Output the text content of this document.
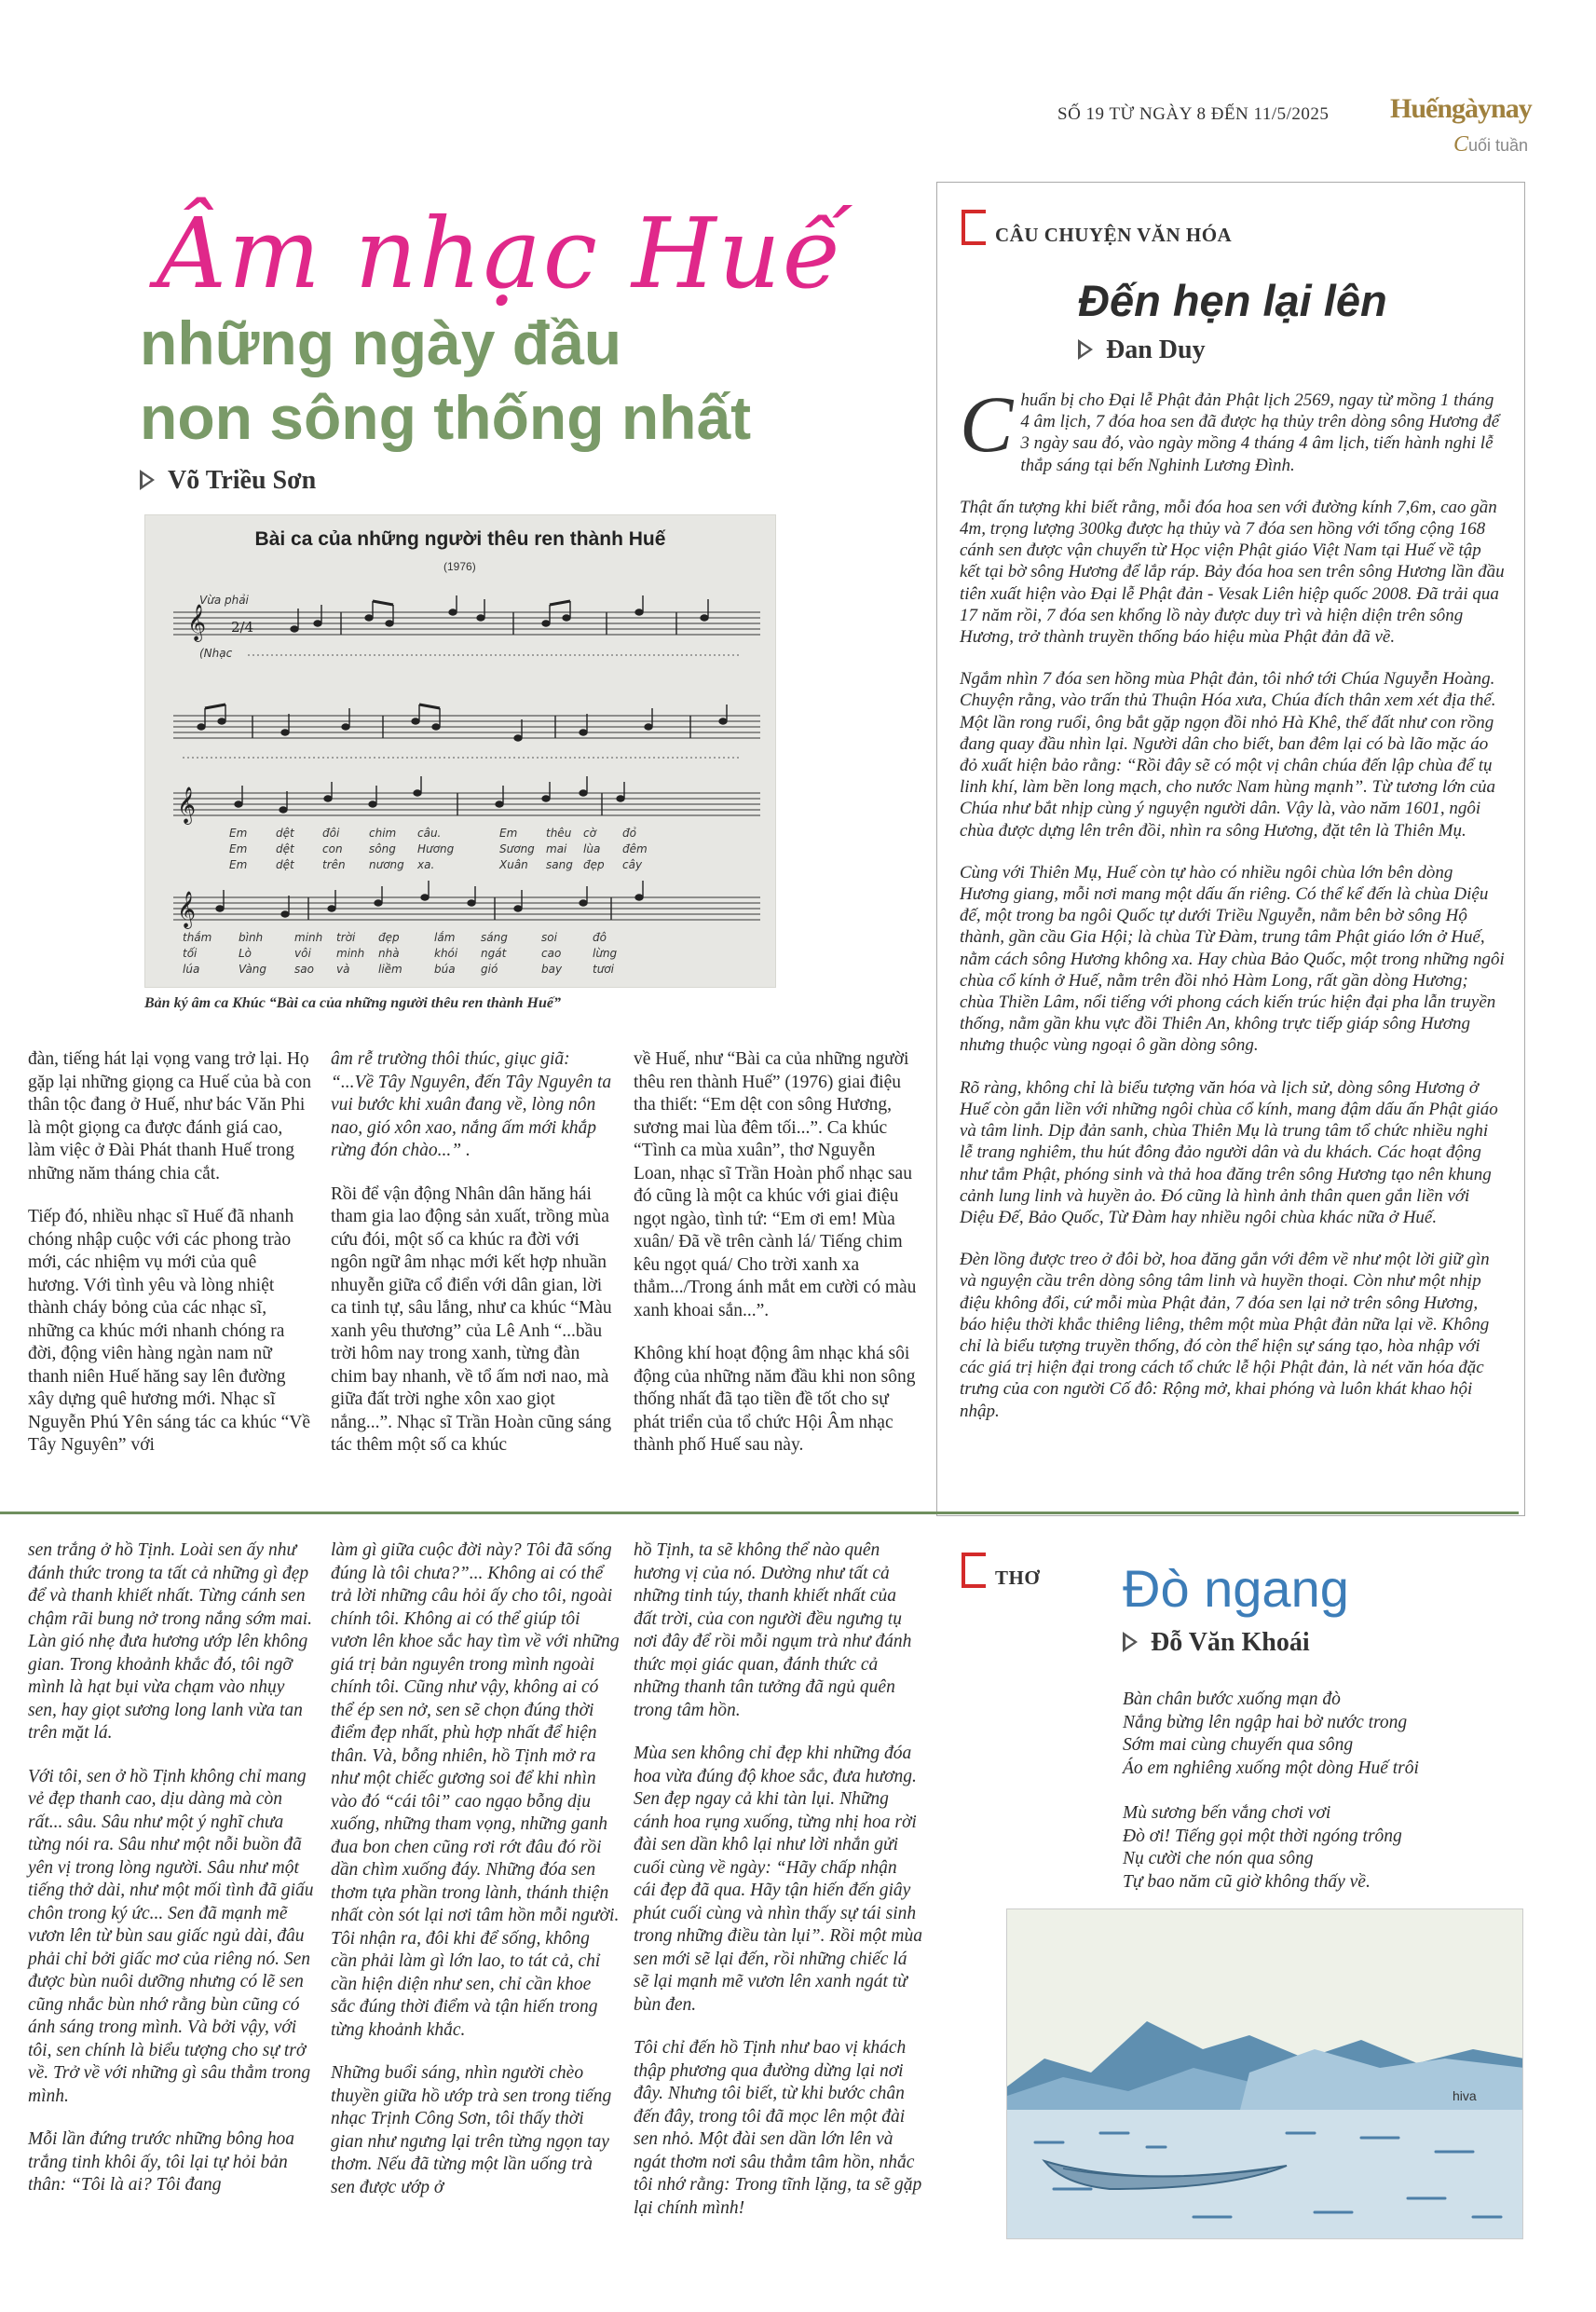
SỐ 19 TỪ NGÀY 8 ĐẾN 11/5/2025 Huếngàynay
Cuối tuần
Âm nhạc Huế
những ngày đầu
non sông thống nhất
Võ Triều Sơn
Bài ca của những người thêu ren thành Huế
(1976)
Vừa phải
𝄞 2/4
(Nhạc
𝄞
𝄞
Em	dệt	đôi	chim câu.	Em	thêu cờ đỏ
Em	dệt	con sông Hương	Sương mai lùa đêm
Em	dệt	trên nương xa.	Xuân sang đẹp cây
thắm bình	minh trời đẹp	lắm sáng	soi	đô
tối	Lò	vôi minh nhà	khói ngát	cao	lừng
lúa	Vàng sao và	liềm	búa gió	bay	tươi
Bản ký âm ca Khúc “Bài ca của những người thêu ren thành Huế”

đàn, tiếng hát lại vọng vang trở lại. Họ gặp lại những giọng ca Huế của bà con thân tộc đang ở Huế, như bác Văn Phi là một giọng ca được đánh giá cao, làm việc ở Đài Phát thanh Huế trong những năm tháng chia cắt.

Tiếp đó, nhiều nhạc sĩ Huế đã nhanh chóng nhập cuộc với các phong trào mới, các nhiệm vụ mới của quê hương. Với tình yêu và lòng nhiệt thành cháy bỏng của các nhạc sĩ, những ca khúc mới nhanh chóng ra đời, động viên hàng ngàn nam nữ thanh niên Huế hăng say lên đường xây dựng quê hương mới. Nhạc sĩ Nguyễn Phú Yên sáng tác ca khúc “Về Tây Nguyên” với

âm rễ trường thôi thúc, giục giã: “...Về Tây Nguyên, đến Tây Nguyên ta vui bước khi xuân đang về, lòng nôn nao, gió xôn xao, nắng ấm mới khắp rừng đón chào...” .

Rồi để vận động Nhân dân hăng hái tham gia lao động sản xuất, trồng mùa cứu đói, một số ca khúc ra đời với ngôn ngữ âm nhạc mới kết hợp nhuần nhuyễn giữa cổ điển với dân gian, lời ca tinh tự, sâu lắng, như ca khúc “Màu xanh yêu thương” của Lê Anh “...bầu trời hôm nay trong xanh, từng đàn chim bay nhanh, về tổ ấm nơi nao, mà giữa đất trời nghe xôn xao giọt nắng...”. Nhạc sĩ Trần Hoàn cũng sáng tác thêm một số ca khúc

về Huế, như “Bài ca của những người thêu ren thành Huế” (1976) giai điệu tha thiết: “Em dệt con sông Hương, sương mai lùa đêm tối...”. Ca khúc “Tình ca mùa xuân”, thơ Nguyễn Loan, nhạc sĩ Trần Hoàn phổ nhạc sau đó cũng là một ca khúc với giai điệu ngọt ngào, tình tứ: “Em ơi em! Mùa xuân/ Đã về trên cành lá/ Tiếng chim kêu ngọt quá/ Cho trời xanh xa thẳm.../Trong ánh mắt em cười có màu xanh khoai sắn...”.

Không khí hoạt động âm nhạc khá sôi động của những năm đầu khi non sông thống nhất đã tạo tiền đề tốt cho sự phát triển của tổ chức Hội Âm nhạc thành phố Huế sau này.

CÂU CHUYỆN VĂN HÓA
Đến hẹn lại lên
Đan Duy

Chuẩn bị cho Đại lễ Phật đản Phật lịch 2569, ngay từ mồng 1 tháng 4 âm lịch, 7 đóa hoa sen đã được hạ thủy trên dòng sông Hương để 3 ngày sau đó, vào ngày mồng 4 tháng 4 âm lịch, tiến hành nghi lễ thắp sáng tại bến Nghinh Lương Đình.

Thật ấn tượng khi biết rằng, mỗi đóa hoa sen với đường kính 7,6m, cao gần 4m, trọng lượng 300kg được hạ thủy và 7 đóa sen hồng với tổng cộng 168 cánh sen được vận chuyển từ Học viện Phật giáo Việt Nam tại Huế về tập kết tại bờ sông Hương để lắp ráp. Bảy đóa hoa sen trên sông Hương lần đầu tiên xuất hiện vào Đại lễ Phật đản - Vesak Liên hiệp quốc 2008. Đã trải qua 17 năm rồi, 7 đóa sen khổng lồ này được duy trì và hiện diện trên sông Hương, trở thành truyền thống báo hiệu mùa Phật đản đã về.

Ngắm nhìn 7 đóa sen hồng mùa Phật đản, tôi nhớ tới Chúa Nguyễn Hoàng. Chuyện rằng, vào trấn thủ Thuận Hóa xưa, Chúa đích thân xem xét địa thế. Một lần rong ruổi, ông bắt gặp ngọn đồi nhỏ Hà Khê, thế đất như con rồng đang quay đầu nhìn lại. Người dân cho biết, ban đêm lại có bà lão mặc áo đỏ xuất hiện bảo rằng: “Rồi đây sẽ có một vị chân chúa đến lập chùa để tụ linh khí, làm bền long mạch, cho nước Nam hùng mạnh”. Từ tương lớn của Chúa như bắt nhịp cùng ý nguyện người dân. Vậy là, vào năm 1601, ngôi chùa được dựng lên trên đồi, nhìn ra sông Hương, đặt tên là Thiên Mụ.

Cùng với Thiên Mụ, Huế còn tự hào có nhiều ngôi chùa lớn bên dòng Hương giang, mỗi nơi mang một dấu ấn riêng. Có thể kể đến là chùa Diệu đế, một trong ba ngôi Quốc tự dưới Triều Nguyễn, nằm bên bờ sông Hộ thành, gần cầu Gia Hội; là chùa Từ Đàm, trung tâm Phật giáo lớn ở Huế, nằm cách sông Hương không xa. Hay chùa Bảo Quốc, một trong những ngôi chùa cổ kính ở Huế, nằm trên đồi nhỏ Hàm Long, rất gần dòng Hương; chùa Thiền Lâm, nổi tiếng với phong cách kiến trúc hiện đại pha lẫn truyền thống, nằm gần khu vực đồi Thiên An, không trực tiếp giáp sông Hương nhưng thuộc vùng ngoại ô gần dòng sông.

Rõ ràng, không chỉ là biểu tượng văn hóa và lịch sử, dòng sông Hương ở Huế còn gắn liền với những ngôi chùa cổ kính, mang đậm dấu ấn Phật giáo và tâm linh. Dịp đản sanh, chùa Thiên Mụ là trung tâm tổ chức nhiều nghi lễ trang nghiêm, thu hút đông đảo người dân và du khách. Các hoạt động như tắm Phật, phóng sinh và thả hoa đăng trên sông Hương tạo nên khung cảnh lung linh và huyền ảo. Đó cũng là hình ảnh thân quen gắn liền với Diệu Đế, Bảo Quốc, Từ Đàm hay nhiều ngôi chùa khác nữa ở Huế.

Đèn lồng được treo ở đôi bờ, hoa đăng gắn với đêm về như một lời giữ gìn và nguyện cầu trên dòng sông tâm linh và huyền thoại. Còn như một nhịp điệu không đổi, cứ mỗi mùa Phật đản, 7 đóa sen lại nở trên sông Hương, báo hiệu thời khắc thiêng liêng, thêm một mùa Phật đản nữa lại về. Không chỉ là biểu tượng truyền thống, đó còn thể hiện sự sáng tạo, hòa nhập với các giá trị hiện đại trong cách tổ chức lễ hội Phật đản, là nét văn hóa đặc trưng của con người Cố đô: Rộng mở, khai phóng và luôn khát khao hội nhập.

sen trắng ở hồ Tịnh. Loài sen ấy như đánh thức trong ta tất cả những gì đẹp để và thanh khiết nhất. Từng cánh sen chậm rãi bung nở trong nắng sớm mai. Làn gió nhẹ đưa hương ướp lên không gian. Trong khoảnh khắc đó, tôi ngỡ mình là hạt bụi vừa chạm vào nhụy sen, hay giọt sương long lanh vừa tan trên mặt lá.

Với tôi, sen ở hồ Tịnh không chỉ mang vẻ đẹp thanh cao, dịu dàng mà còn rất... sâu. Sâu như một ý nghĩ chưa từng nói ra. Sâu như một nỗi buồn đã yên vị trong lòng người. Sâu như một tiếng thở dài, như một mối tình đã giấu chôn trong ký ức... Sen đã mạnh mẽ vươn lên từ bùn sau giấc ngủ dài, đâu phải chỉ bởi giấc mơ của riêng nó. Sen được bùn nuôi dưỡng nhưng có lẽ sen cũng nhắc bùn nhớ rằng bùn cũng có ánh sáng trong mình. Và bởi vậy, với tôi, sen chính là biểu tượng cho sự trở về. Trở về với những gì sâu thẳm trong mình.

Mỗi lần đứng trước những bông hoa trắng tinh khôi ấy, tôi lại tự hỏi bản thân: “Tôi là ai? Tôi đang

làm gì giữa cuộc đời này? Tôi đã sống đúng là tôi chưa?”... Không ai có thể trả lời những câu hỏi ấy cho tôi, ngoài chính tôi. Không ai có thể giúp tôi vươn lên khoe sắc hay tìm về với những giá trị bản nguyên trong mình ngoài chính tôi. Cũng như vậy, không ai có thể ép sen nở, sen sẽ chọn đúng thời điểm đẹp nhất, phù hợp nhất để hiện thân. Và, bỗng nhiên, hồ Tịnh mở ra như một chiếc gương soi để khi nhìn vào đó “cái tôi” cao ngạo bỗng dịu xuống, những tham vọng, những ganh đua bon chen cũng rơi rớt đâu đó rồi dần chìm xuống đáy. Những đóa sen thơm tựa phần trong lành, thánh thiện nhất còn sót lại nơi tâm hồn mỗi người. Tôi nhận ra, đôi khi để sống, không cần phải làm gì lớn lao, to tát cả, chỉ cần hiện diện như sen, chỉ cần khoe sắc đúng thời điểm và tận hiến trong từng khoảnh khắc.

Những buổi sáng, nhìn người chèo thuyền giữa hồ ướp trà sen trong tiếng nhạc Trịnh Công Sơn, tôi thấy thời gian như ngưng lại trên từng ngọn tay thơm. Nếu đã từng một lần uống trà sen được ướp ở

hồ Tịnh, ta sẽ không thể nào quên hương vị của nó. Dường như tất cả những tinh túy, thanh khiết nhất của đất trời, của con người đều ngưng tụ nơi đây để rồi mỗi ngụm trà như đánh thức mọi giác quan, đánh thức cả những thanh tân tưởng đã ngủ quên trong tâm hồn.

Mùa sen không chỉ đẹp khi những đóa hoa vừa đúng độ khoe sắc, đưa hương. Sen đẹp ngay cả khi tàn lụi. Những cánh hoa rụng xuống, từng nhị hoa rời đài sen dần khô lại như lời nhắn gửi cuối cùng về ngày: “Hãy chấp nhận cái đẹp đã qua. Hãy tận hiến đến giây phút cuối cùng và nhìn thấy sự tái sinh trong những điều tàn lụi”. Rồi một mùa sen mới sẽ lại đến, rồi những chiếc lá sẽ lại mạnh mẽ vươn lên xanh ngát từ bùn đen.

Tôi chỉ đến hồ Tịnh như bao vị khách thập phương qua đường dừng lại nơi đây. Nhưng tôi biết, từ khi bước chân đến đây, trong tôi đã mọc lên một đài sen nhỏ. Một đài sen dần lớn lên và ngát thơm nơi sâu thẳm tâm hồn, nhắc tôi nhớ rằng: Trong tĩnh lặng, ta sẽ gặp lại chính mình!

THƠ Đò ngang
Đỗ Văn Khoái
Bàn chân bước xuống mạn đò
Nắng bừng lên ngập hai bờ nước trong
Sớm mai cùng chuyến qua sông
Áo em nghiêng xuống một dòng Huế trôi
Mù sương bến vắng chơi vơi
Đò ơi! Tiếng gọi một thời ngóng trông
Nụ cười che nón qua sông
Tự bao năm cũ giờ không thấy về.
hiva
